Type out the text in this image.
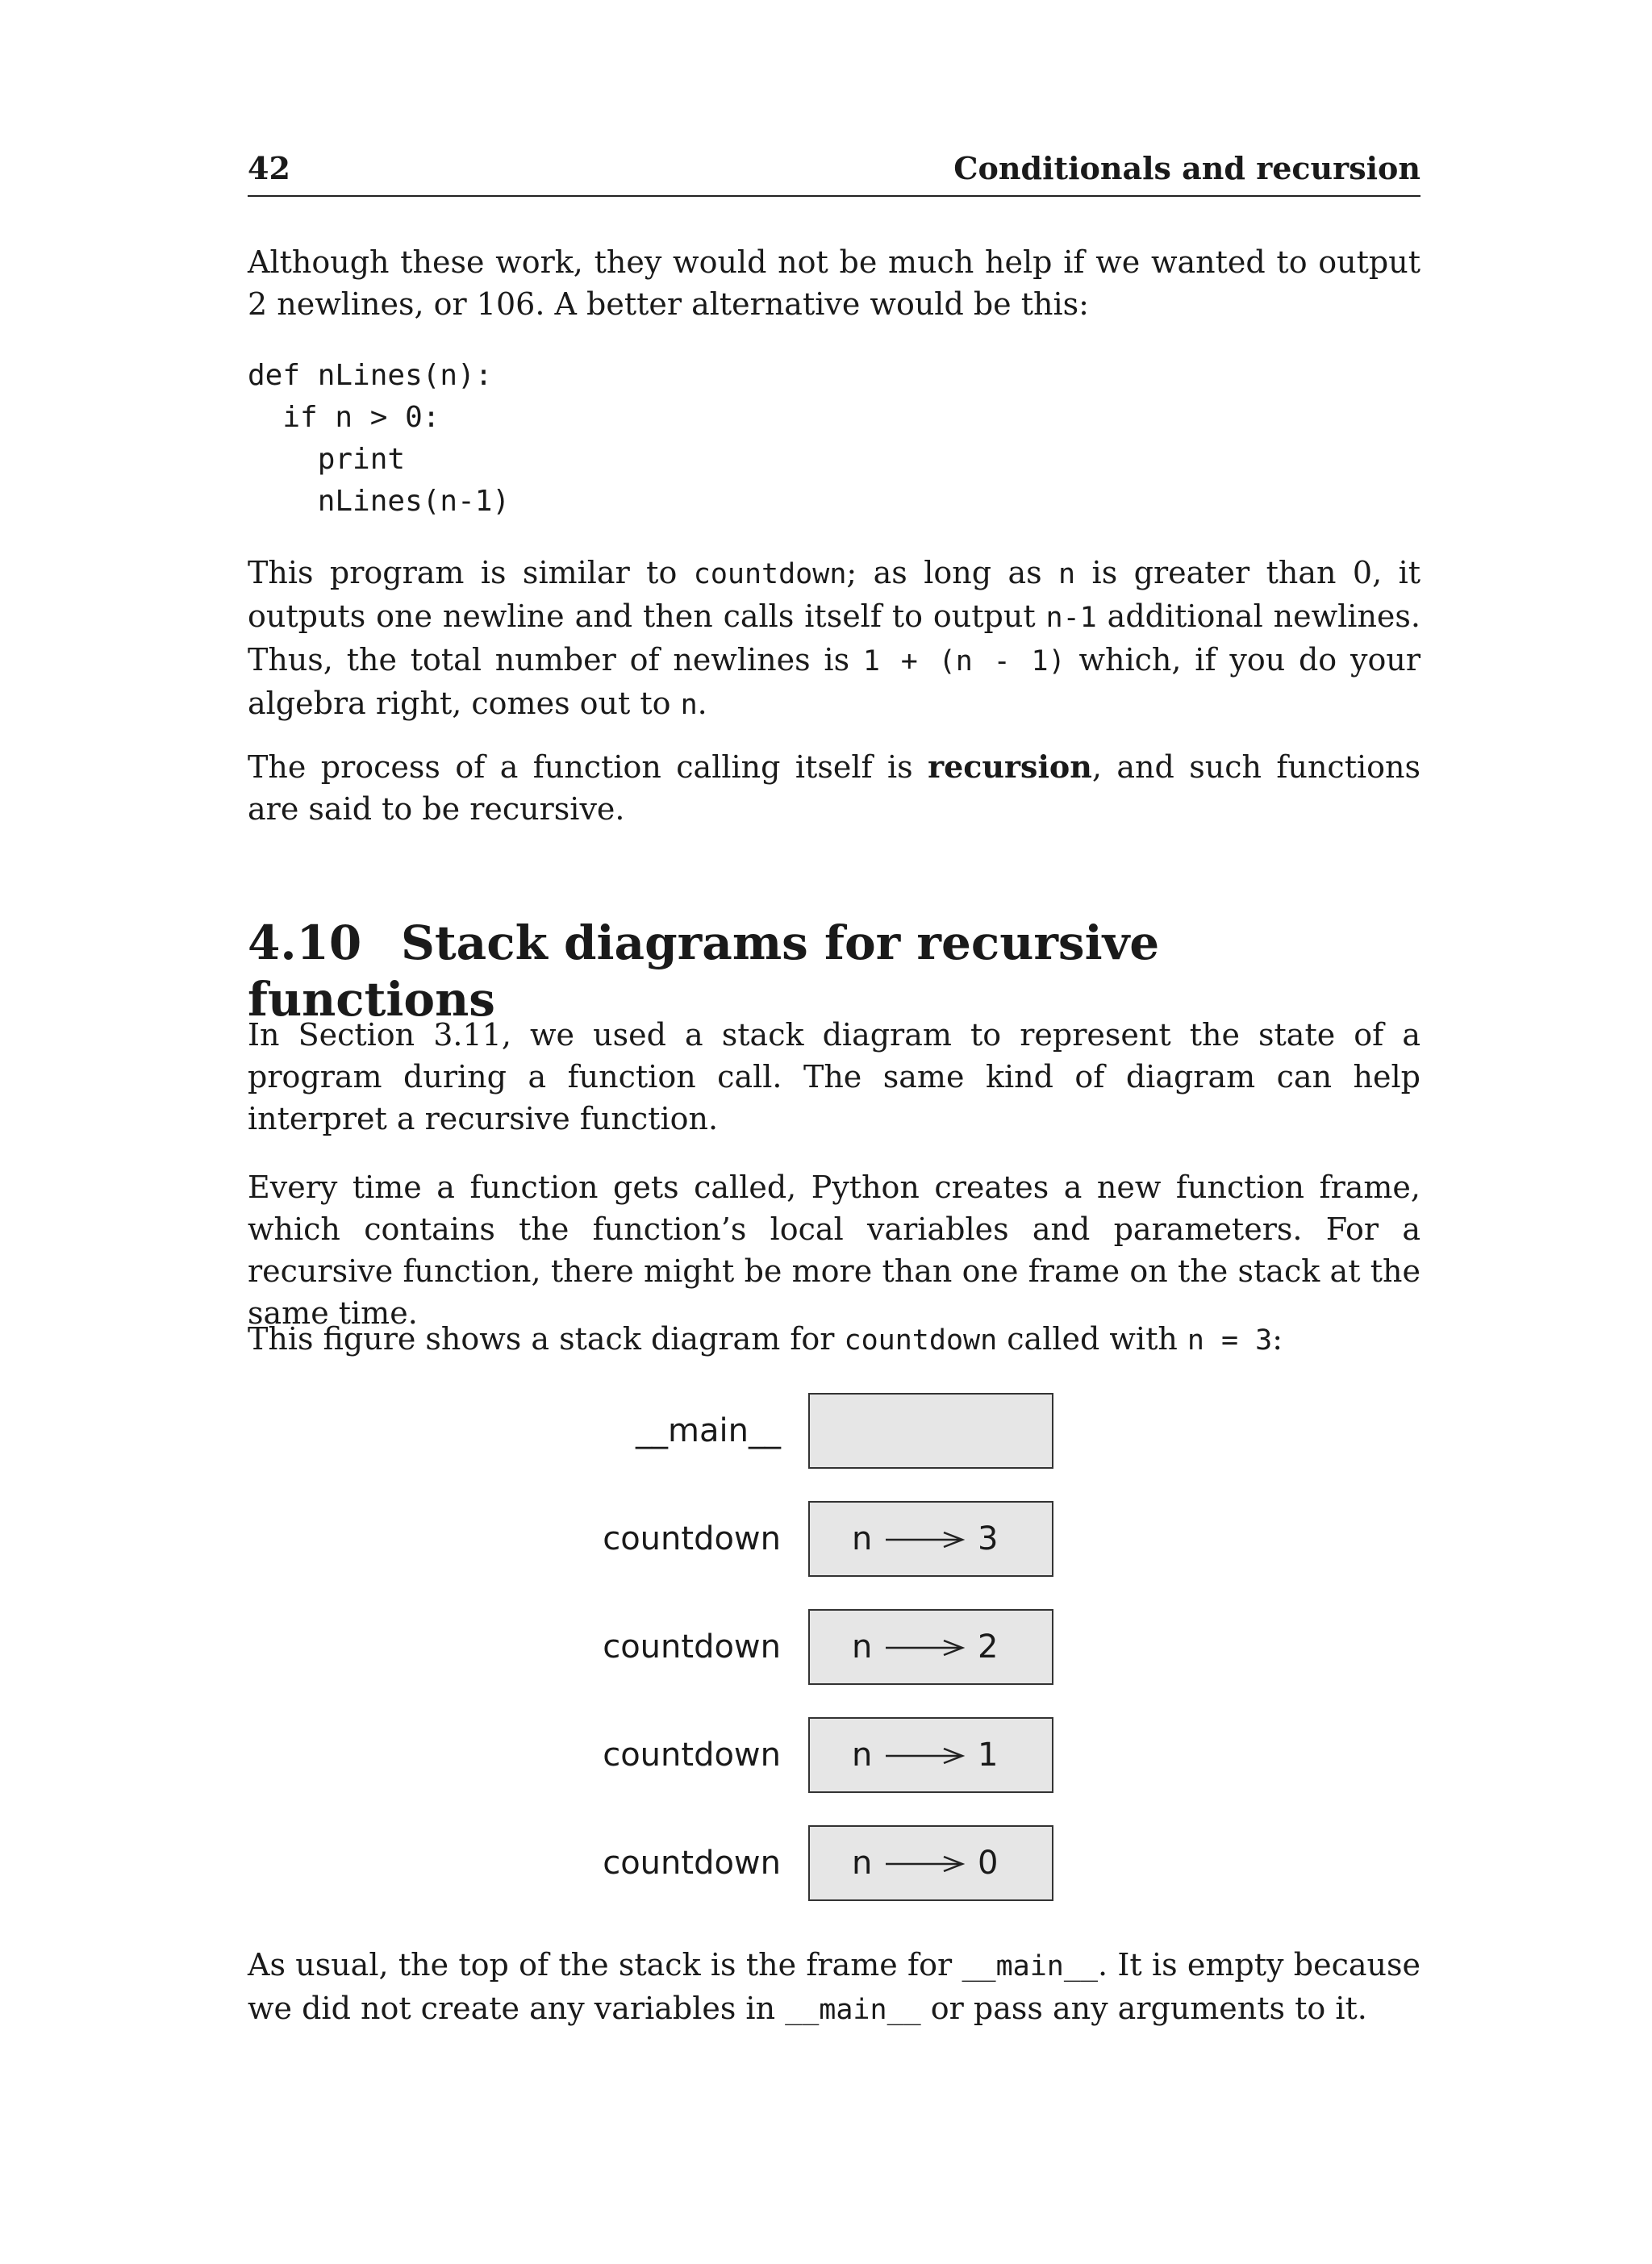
42	Conditionals and recursion

Although these work, they would not be much help if we wanted to output 2 newlines, or 106. A better alternative would be this:

def nLines(n):
if n > 0:
print
nLines(n-1)

This program is similar to countdown; as long as n is greater than 0, it outputs one newline and then calls itself to output n-1 additional newlines. Thus, the total number of newlines is 1 + (n - 1) which, if you do your algebra right, comes out to n.

The process of a function calling itself is recursion, and such functions are said to be recursive.

4.10 Stack diagrams for recursive functions

In Section 3.11, we used a stack diagram to represent the state of a program during a function call. The same kind of diagram can help interpret a recursive function.

Every time a function gets called, Python creates a new function frame, which contains the function’s local variables and parameters. For a recursive function, there might be more than one frame on the stack at the same time.

This figure shows a stack diagram for countdown called with n = 3:

__main__
countdown n	3
countdown n	2
countdown n	1
countdown n	0

As usual, the top of the stack is the frame for __main__. It is empty because we did not create any variables in __main__ or pass any arguments to it.
